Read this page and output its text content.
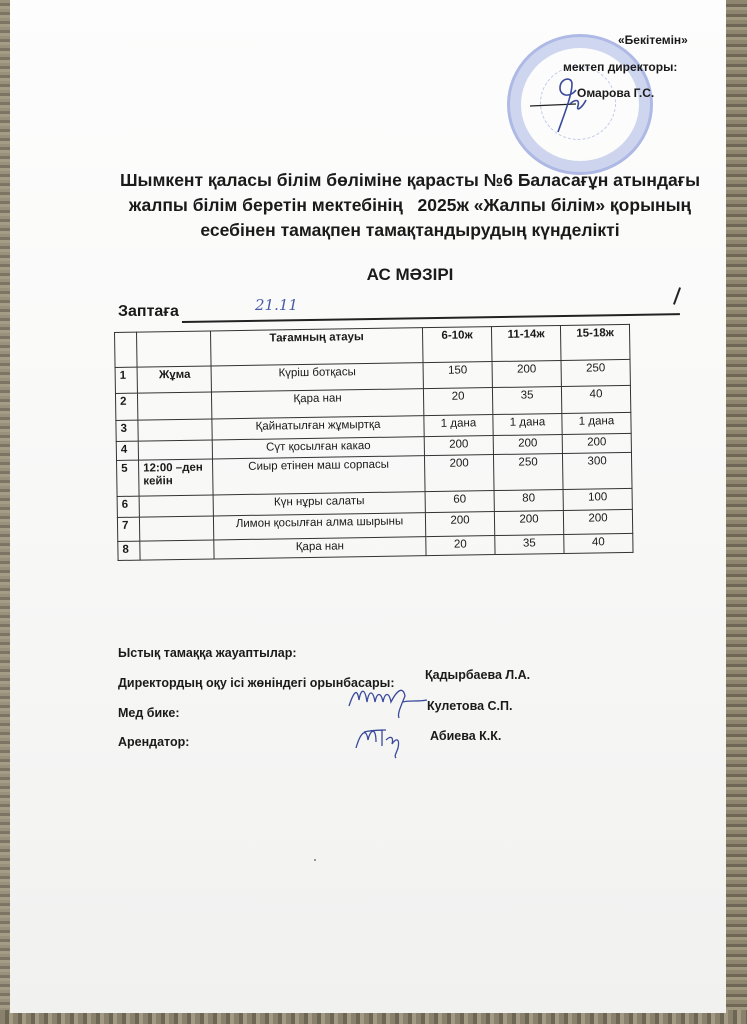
«Бекітемін»
мектеп директоры:
Омарова Г.С.
Шымкент қаласы білім бөліміне қарасты №6 Баласағұн атындағы
жалпы білім беретін мектебінің   2025ж «Жалпы білім» қорының
есебінен тамақпен тамақтандырудың күнделікті
АС МӘЗІРІ
Заптаға	21.11
		Тағамның атауы	6-10ж	11-14ж	15-18ж
1	Жұма	Күріш ботқасы	150	200	250
2		Қара нан	20	35	40
3		Қайнатылған жұмыртқа	1 дана	1 дана	1 дана
4		Сүт қосылған какао	200	200	200
5	12:00 –ден кейін	Сиыр етінен маш сорпасы	200	250	300
6		Күн нұры салаты	60	80	100
7		Лимон қосылған алма шырыны	200	200	200
8		Қара нан	20	35	40
Ыстық тамаққа жауаптылар:
Директордың оқу ісі жөніндегі орынбасары:
Қадырбаева Л.А.
Мед бике:	Кулетова С.П.
Арендатор:	Абиева К.К.
